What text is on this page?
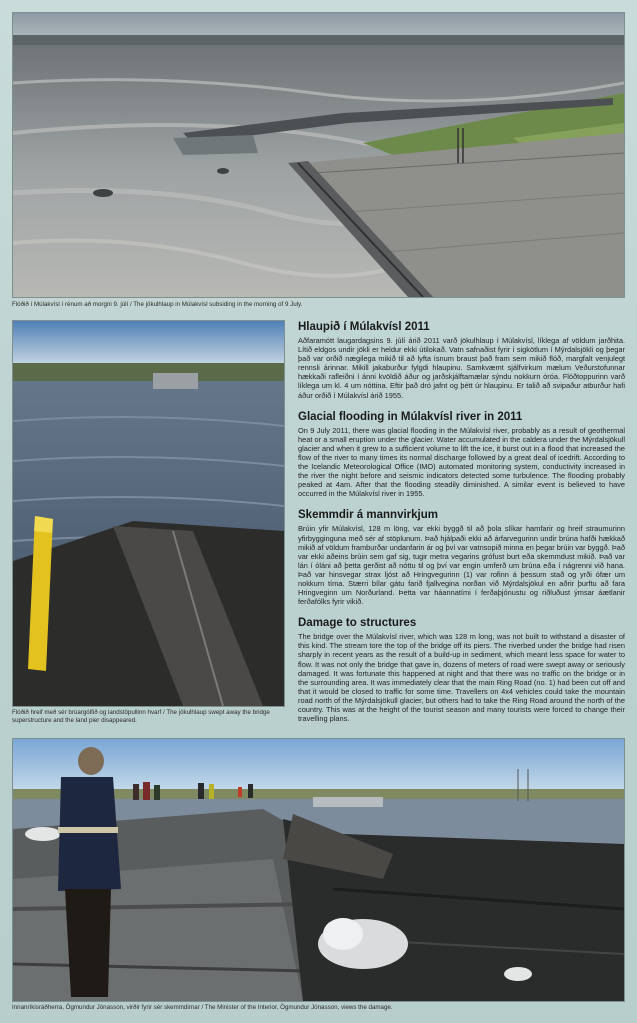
Flóðið í Múlakvísl í rénum að morgni 9. júlí / The jökulhlaup in Múlakvísl subsiding in the morning of 9 July.
Flóðið hreif með sér brúargólfið og landstöpullinn hvarf / The jökulhlaup swept away the bridge superstructure and the land pier disappeared.
Hlaupið í Múlakvísl 2011

Aðfaramótt laugardagsins 9. júlí árið 2011 varð jökulhlaup í Múlakvísl, líklega af völdum jarðhita. Lítið eldgos undir jökli er heldur ekki útilokað. Vatn safnaðist fyrir í sigkötlum í Mýrdalsjökli og þegar það var orðið nægilega mikið til að lyfta ísnum braust það fram sem mikið flóð, margfalt venjulegt rennsli árinnar. Mikill jakaburður fylgdi hlaupinu. Samkvæmt sjálfvirkum mælum Veðurstofunnar hækkaði rafleiðni í ánni kvöldið áður og jarðskjálftamælar sýndu nokkurn óróa. Flóðtoppurinn varð líklega um kl. 4 um nóttina. Eftir það dró jafnt og þétt úr hlaupinu. Er talið að svipaður atburður hafi áður orðið í Múlakvísl árið 1955.

Glacial flooding in Múlakvísl river in 2011

On 9 July 2011, there was glacial flooding in the Múlakvísl river, probably as a result of geothermal heat or a small eruption under the glacier. Water accumulated in the caldera under the Mýrdalsjökull glacier and when it grew to a sufficient volume to lift the ice, it burst out in a flood that increased the flow of the river to many times its normal discharge followed by a great deal of icedrift. According to the Icelandic Meteorological Office (IMO) automated monitoring system, conductivity increased in the river the night before and seismic indicators detected some turbulence. The flooding probably peaked at 4am. After that the flooding steadily diminished. A similar event is believed to have occurred in the Múlakvísl river in 1955.

Skemmdir á mannvirkjum

Brúin yfir Múlakvísl, 128 m löng, var ekki byggð til að þola slíkar hamfarir og hreif straumurinn yfirbygginguna með sér af stöplunum. Það hjálpaði ekki að árfarvegurinn undir brúna hafði hækkað mikið af völdum framburðar undanfarin ár og því var vatnsopið minna en þegar brúin var byggð. Það var ekki aðeins brúin sem gaf sig, tugir metra vegarins grófust burt eða skemmdust mikið. Það var lán í óláni að þetta gerðist að nóttu til og því var engin umferð um brúna eða í nágrenni við hana. Það var hinsvegar strax ljóst að Hringvegurinn (1) var rofinn á þessum stað og yrði ófær um nokkurn tíma. Stærri bílar gátu farið fjallvegina norðan við Mýrdalsjökul en aðrir þurftu að fara Hringveginn um Norðurland. Þetta var háannatími í ferðaþjónustu og riðluðust ýmsar áætlanir ferðafólks fyrir vikið.

Damage to structures

The bridge over the Múlakvísl river, which was 128 m long, was not built to withstand a disaster of this kind. The stream tore the top of the bridge off its piers. The riverbed under the bridge had risen sharply in recent years as the result of a build-up in sediment, which meant less space for water to flow. It was not only the bridge that gave in, dozens of meters of road were swept away or seriously damaged. It was fortunate this happened at night and that there was no traffic on the bridge or in the surrounding area. It was immediately clear that the main Ring Road (no. 1) had been cut off and that it would be closed to traffic for some time. Travellers on 4x4 vehicles could take the mountain road north of the Mýrdalsjökull glacier, but others had to take the Ring Road around the north of the country. This was at the height of the tourist season and many tourists were forced to change their travelling plans.

Innanríkisráðherra, Ögmundur Jónasson, virðir fyrir sér skemmdirnar / The Minister of the Interior, Ögmundur Jónasson, views the damage.
